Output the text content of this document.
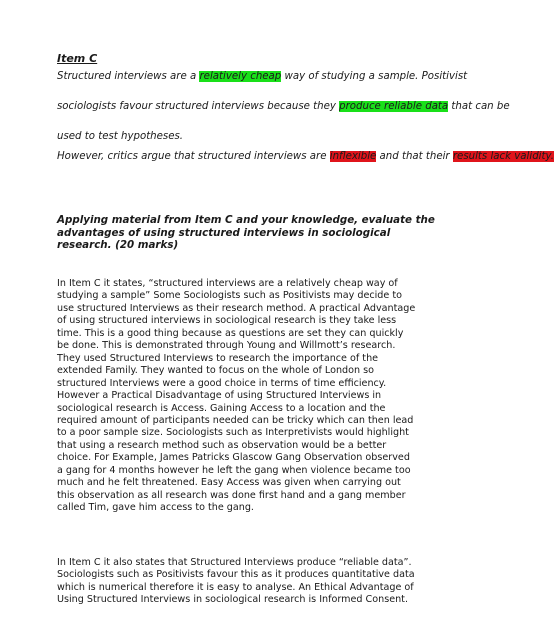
Item C
Structured interviews are a relatively cheap way of studying a sample. Positivist
sociologists favour structured interviews because they produce reliable data that can be
used to test hypotheses.
However, critics argue that structured interviews are inflexible and that their results lack validity.
Applying material from Item C and your knowledge, evaluate the
advantages of using structured interviews in sociological
research. (20 marks)
In Item C it states, “structured interviews are a relatively cheap way of
studying a sample” Some Sociologists such as Positivists may decide to
use structured Interviews as their research method. A practical Advantage
of using structured interviews in sociological research is they take less
time. This is a good thing because as questions are set they can quickly
be done. This is demonstrated through Young and Willmott’s research.
They used Structured Interviews to research the importance of the
extended Family. They wanted to focus on the whole of London so
structured Interviews were a good choice in terms of time efficiency.
However a Practical Disadvantage of using Structured Interviews in
sociological research is Access. Gaining Access to a location and the
required amount of participants needed can be tricky which can then lead
to a poor sample size. Sociologists such as Interpretivists would highlight
that using a research method such as observation would be a better
choice. For Example, James Patricks Glascow Gang Observation observed
a gang for 4 months however he left the gang when violence became too
much and he felt threatened. Easy Access was given when carrying out
this observation as all research was done first hand and a gang member
called Tim, gave him access to the gang.
In Item C it also states that Structured Interviews produce “reliable data”.
Sociologists such as Positivists favour this as it produces quantitative data
which is numerical therefore it is easy to analyse. An Ethical Advantage of
Using Structured Interviews in sociological research is Informed Consent.
